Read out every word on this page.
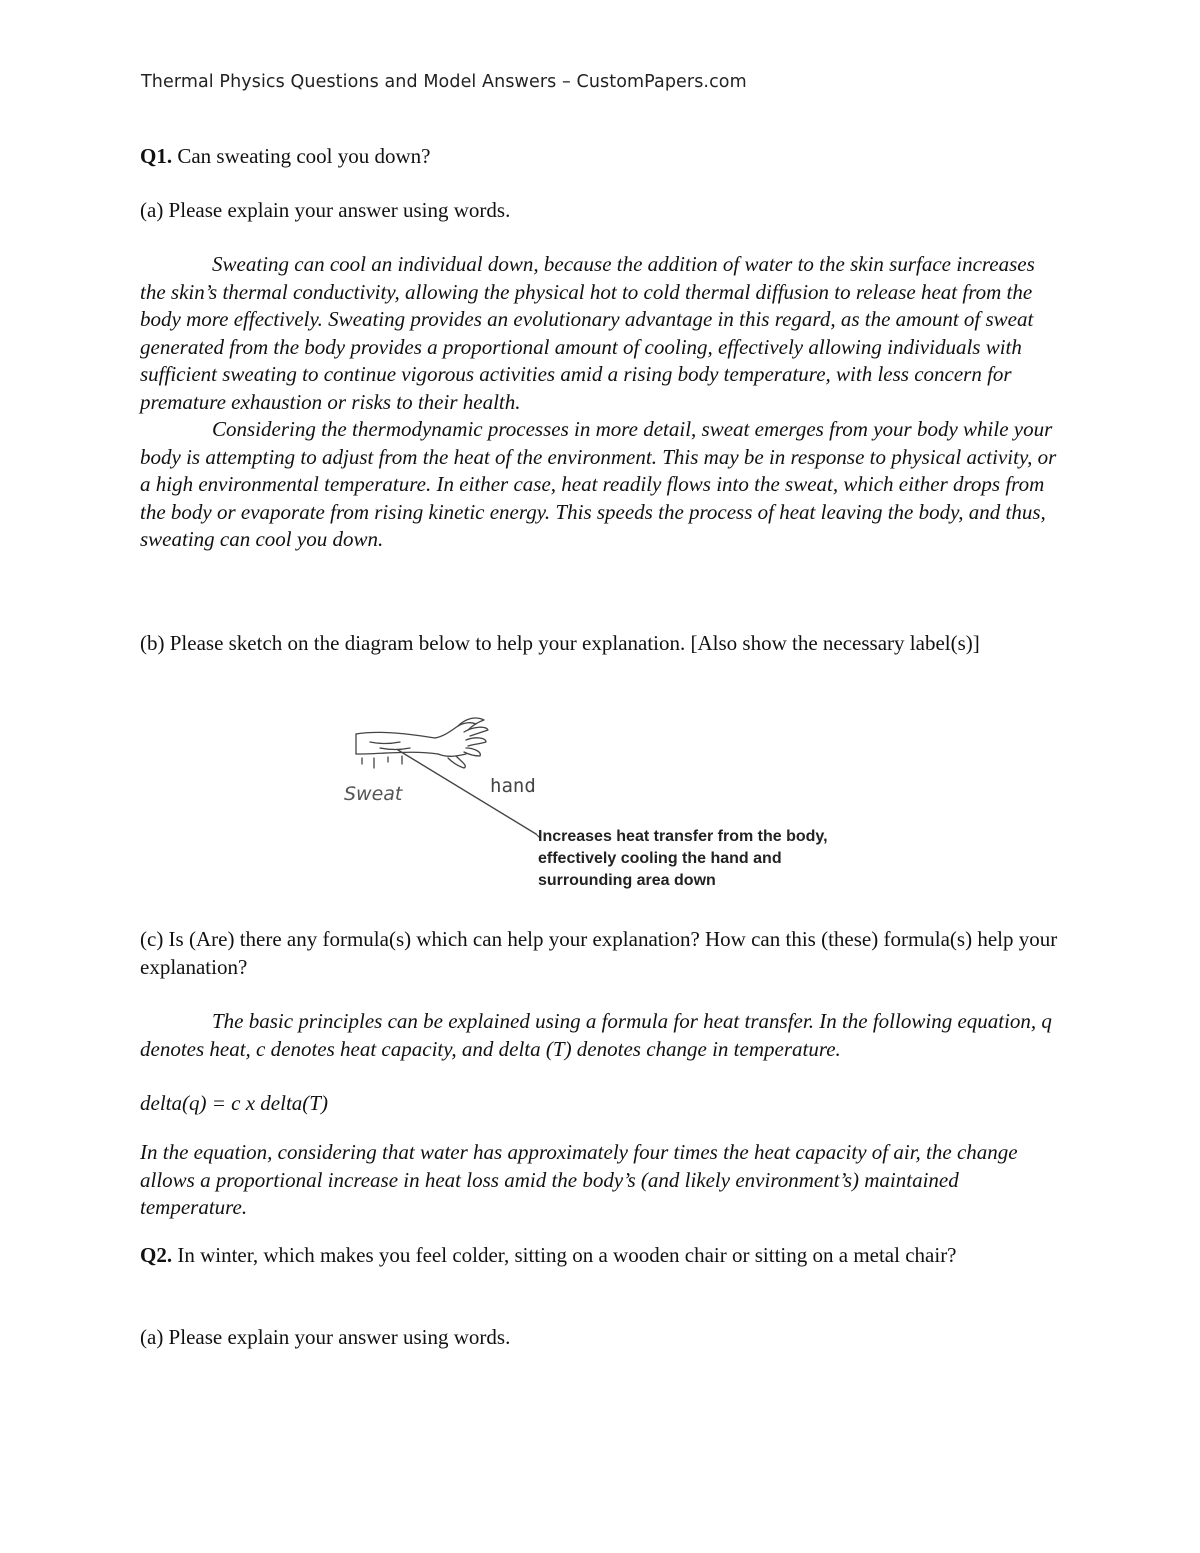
Thermal Physics Questions and Model Answers – CustomPapers.com
Q1. Can sweating cool you down?
(a) Please explain your answer using words.

Sweating can cool an individual down, because the addition of water to the skin surface increases the skin’s thermal conductivity, allowing the physical hot to cold thermal diffusion to release heat from the body more effectively. Sweating provides an evolutionary advantage in this regard, as the amount of sweat generated from the body provides a proportional amount of cooling, effectively allowing individuals with sufficient sweating to continue vigorous activities amid a rising body temperature, with less concern for premature exhaustion or risks to their health.

Considering the thermodynamic processes in more detail, sweat emerges from your body while your body is attempting to adjust from the heat of the environment. This may be in response to physical activity, or a high environmental temperature. In either case, heat readily flows into the sweat, which either drops from the body or evaporate from rising kinetic energy. This speeds the process of heat leaving the body, and thus, sweating can cool you down.

(b) Please sketch on the diagram below to help your explanation. [Also show the necessary label(s)]
Sweat	hand
Increases heat transfer from the body,
effectively cooling the hand and
surrounding area down
(c) Is (Are) there any formula(s) which can help your explanation? How can this (these) formula(s) help your explanation?

The basic principles can be explained using a formula for heat transfer. In the following equation, q denotes heat, c denotes heat capacity, and delta (T) denotes change in temperature.

delta(q) = c x delta(T)
In the equation, considering that water has approximately four times the heat capacity of air, the change allows a proportional increase in heat loss amid the body’s (and likely environment’s) maintained temperature.
Q2. In winter, which makes you feel colder, sitting on a wooden chair or sitting on a metal chair?
(a) Please explain your answer using words.
